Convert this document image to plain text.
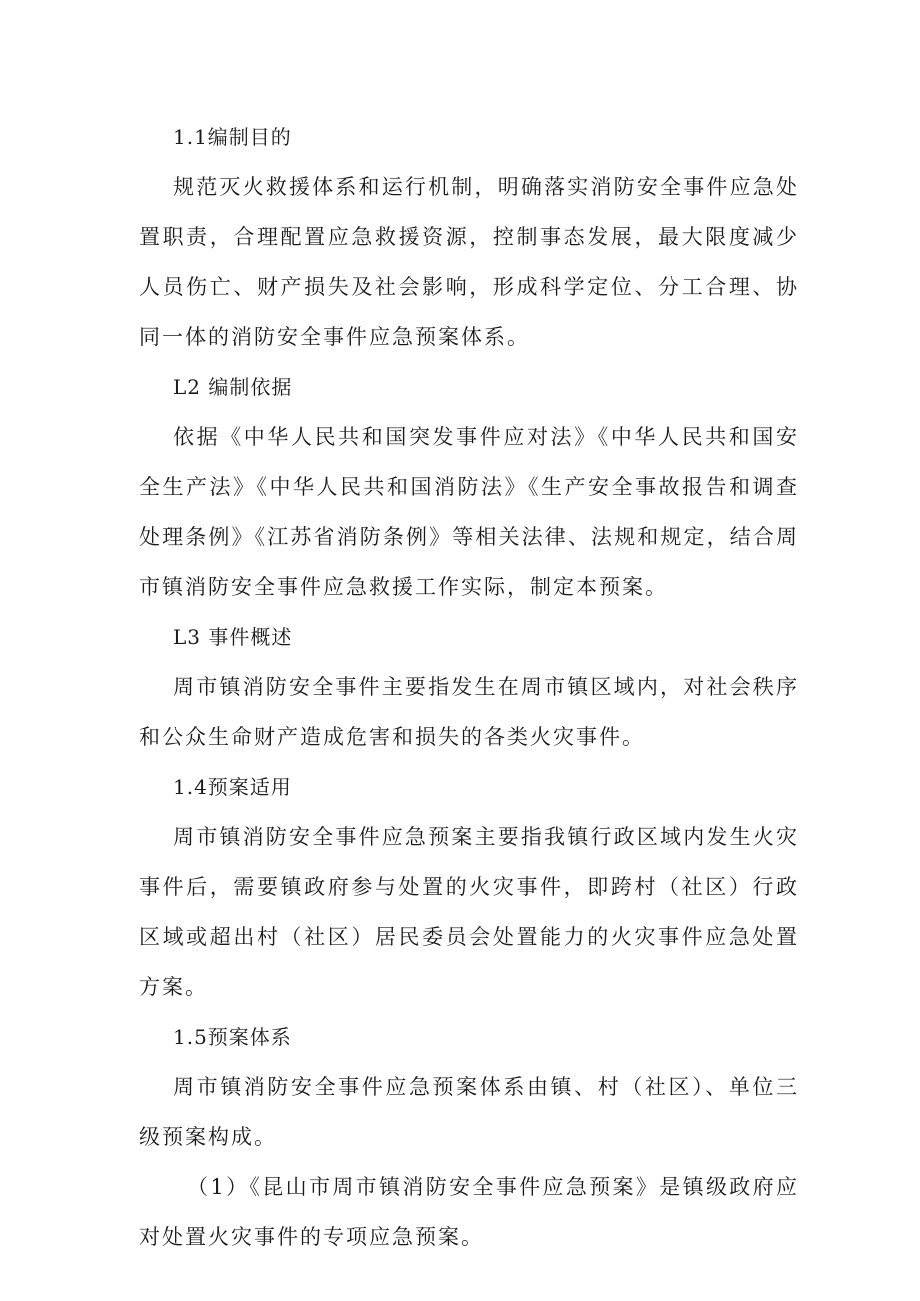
1.1编制目的

规范灭火救援体系和运行机制，明确落实消防安全事件应急处置职责，合理配置应急救援资源，控制事态发展，最大限度减少人员伤亡、财产损失及社会影响，形成科学定位、分工合理、协同一体的消防安全事件应急预案体系。

L2 编制依据

依据《中华人民共和国突发事件应对法》《中华人民共和国安全生产法》《中华人民共和国消防法》《生产安全事故报告和调查处理条例》《江苏省消防条例》等相关法律、法规和规定，结合周市镇消防安全事件应急救援工作实际，制定本预案。

L3 事件概述

周市镇消防安全事件主要指发生在周市镇区域内，对社会秩序和公众生命财产造成危害和损失的各类火灾事件。

1.4预案适用

周市镇消防安全事件应急预案主要指我镇行政区域内发生火灾事件后，需要镇政府参与处置的火灾事件，即跨村（社区）行政区域或超出村（社区）居民委员会处置能力的火灾事件应急处置方案。

1.5预案体系

周市镇消防安全事件应急预案体系由镇、村（社区）、单位三级预案构成。

（1）《昆山市周市镇消防安全事件应急预案》是镇级政府应对处置火灾事件的专项应急预案。
